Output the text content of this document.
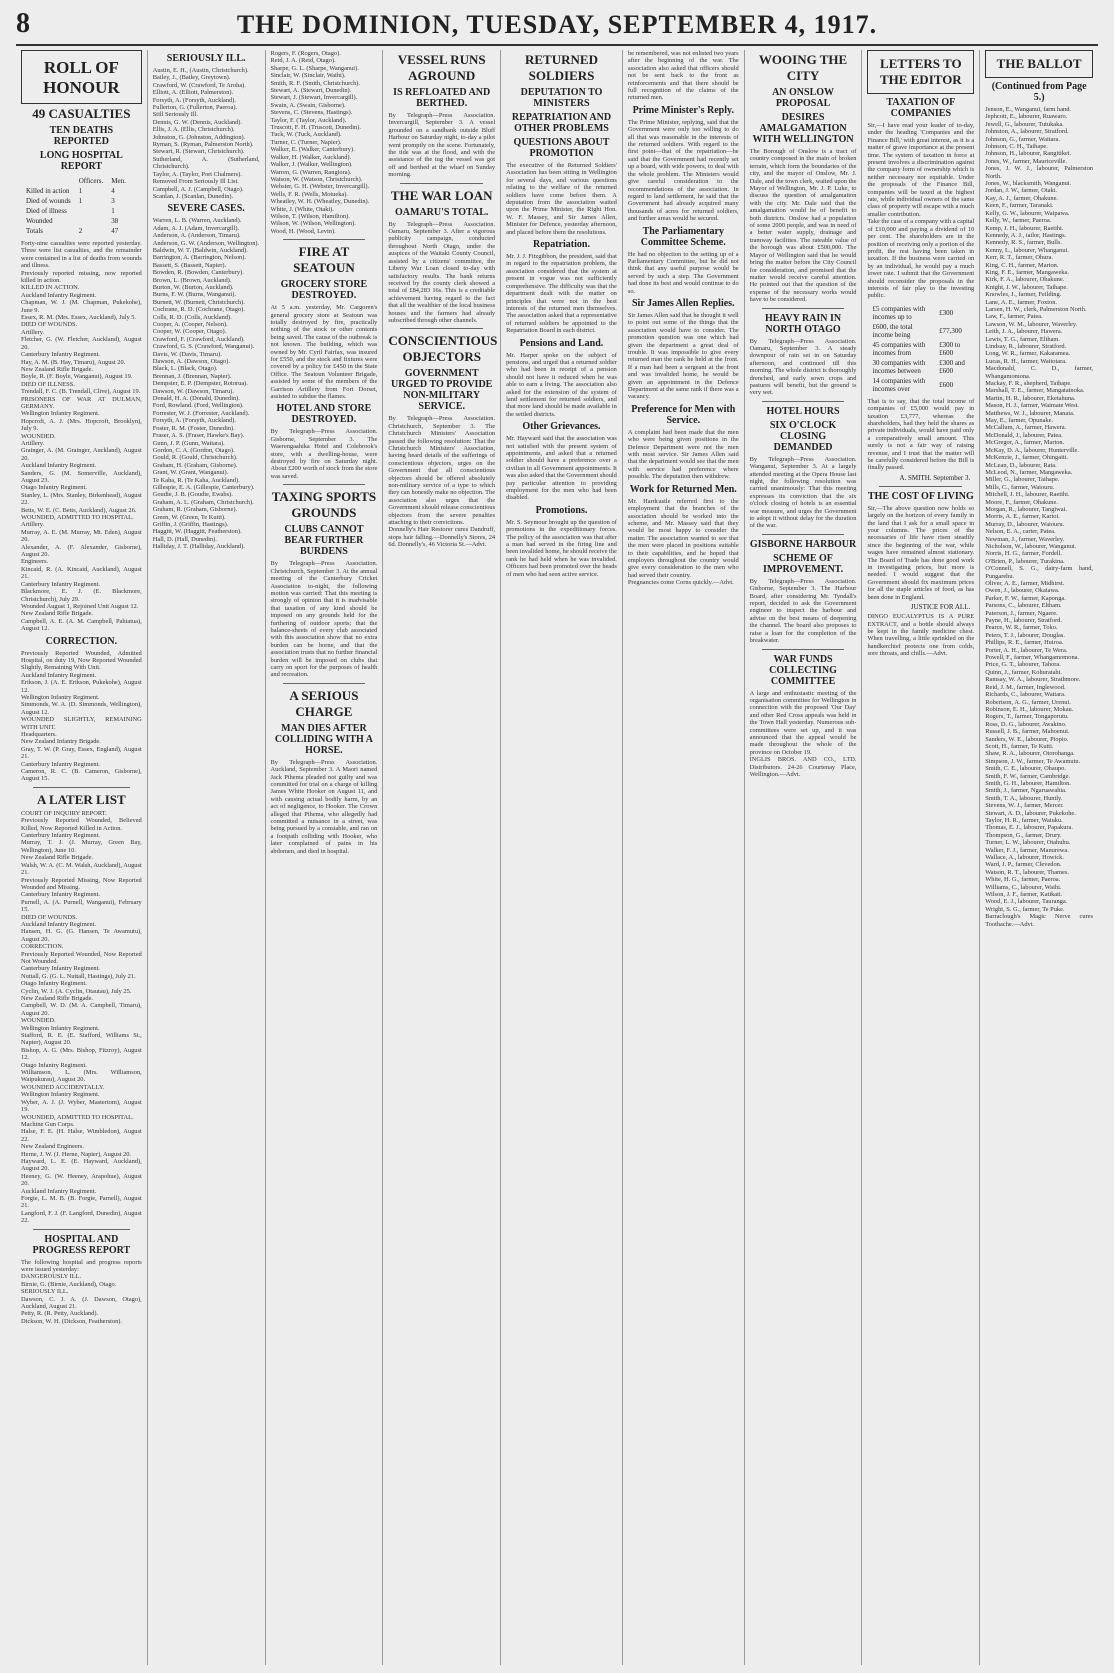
8	THE DOMINION, TUESDAY, SEPTEMBER 4, 1917.
ROLL OF HONOUR
49 CASUALTIES
TEN DEATHS REPORTED
LONG HOSPITAL REPORT
	Officers.	Men.
Killed in action	1	4
Died of wounds	1	3
Died of illness		1
Wounded		38
Totals	2	47
Forty-nine casualties were reported yesterday. Three were list casualties, and the remainder were contained in a list of deaths from wounds and illness.
Previously reported missing, now reported killed in action.
KILLED IN ACTION.
Auckland Infantry Regiment.
Chapman, W. J. (M. Chapman, Pukekohe), June 9.
Essex, R. M. (Mrs. Essex, Auckland), July 5.
DIED OF WOUNDS.
Artillery.
Fletcher, G. (W. Fletcher, Auckland), August 20.
Canterbury Infantry Regiment.
Hay, A. M. (B. Hay, Timaru), August 20.
New Zealand Rifle Brigade.
Boyle, R. (F. Boyle, Wanganui), August 19.
DIED OF ILLNESS.
Trendall, F. C. (B. Trendall, Clive), August 19.
PRISONERS OF WAR AT DULMAN, GERMANY.
Wellington Infantry Regiment.
Hopcroft, A. J. (Mrs. Hopcroft, Brooklyn), July 9.
WOUNDED.
Artillery.
Grainger, A. (M. Grainger, Auckland), August 20.
Auckland Infantry Regiment.
Sanders, G. (M. Somerville, Auckland), August 23.
Otago Infantry Regiment.
Stanley, L. (Mrs. Stanley, Birkenhead), August 22.
Betts, W. E. (C. Betts, Auckland), August 26.
WOUNDED, ADMITTED TO HOSPITAL.
Artillery.
Murray, A. E. (M. Murray, Mt. Eden), August 20.
Alexander, A. (F. Alexander, Gisborne), August 20.
Engineers.
Kincaid, R. (A. Kincaid, Auckland), August 21.
Canterbury Infantry Regiment.
Blackmore, E. J. (E. Blackmore, Christchurch), July 29.
Wounded August 1, Rejoined Unit August 12.
New Zealand Rifle Brigade.
Campbell, A. E. (A. M. Campbell, Pahiatua), August 12.
CORRECTION.
Previously Reported Wounded, Admitted Hospital, on duty 19, Now Reported Wounded Slightly, Remaining With Unit.
Auckland Infantry Regiment.
Erikson, J. (A. E. Erikson, Pukekohe), August 12.
Wellington Infantry Regiment.
Simmonds, W. A. (D. Simmonds, Wellington), August 12.
WOUNDED SLIGHTLY, REMAINING WITH UNIT.
Headquarters.
New Zealand Infantry Brigade.
Gray, T. W. (P. Gray, Essex, England), August 21.
Canterbury Infantry Regiment.
Cameron, R. C. (B. Cameron, Gisborne), August 15.
A LATER LIST
COURT OF INQUIRY REPORT.
Previously Reported Wounded, Believed Killed, Now Reported Killed in Action.
Canterbury Infantry Regiment.
Murray, T. J. (J. Murray, Green Bay, Wellington), June 10.
New Zealand Rifle Brigade.
Walsh, W. A. (C. M. Walsh, Auckland), August 21.
Previously Reported Missing, Now Reported Wounded and Missing.
Canterbury Infantry Regiment.
Purnell, A. (A. Purnell, Wanganui), February 15.
DIED OF WOUNDS.
Auckland Infantry Regiment.
Hansen, H. G. (G. Hansen, Te Awamutu), August 20.
CORRECTION.
Previously Reported Wounded, Now Reported Not Wounded.
Canterbury Infantry Regiment.
Nuttall, G. (G. L. Nuttall, Hastings), July 21.
Otago Infantry Regiment.
Cyclin, W. J. (A. Cyclin, Otautau), July 25.
New Zealand Rifle Brigade.
Campbell, W. D. (M. A. Campbell, Timaru), August 20.
WOUNDED.
Wellington Infantry Regiment.
Stafford, R. E. (E. Stafford, Williams St., Napier), August 20.
Bishop, A. G. (Mrs. Bishop, Fitzroy), August 12.
Otago Infantry Regiment.
Williamson, L. (Mrs. Williamson, Waipukurau), August 20.
WOUNDED ACCIDENTALLY.
Wellington Infantry Regiment.
Wyber, A. J. (J. Wyber, Mastertom), August 19.
WOUNDED, ADMITTED TO HOSPITAL.
Machine Gun Corps.
Halse, F. E. (H. Halse, Wimbledon), August 22.
New Zealand Engineers.
Herne, J. W. (J. Herne, Napier), August 20.
Hayward, L. E. (E. Hayward, Auckland), August 20.
Heeney, G. (W. Heeney, Arapohue), August 20.
Auckland Infantry Regiment.
Forgie, L. M. B. (B. Forgie, Parnell), August 21.
Langford, F. J. (F. Langford, Dunedin), August 22.
HOSPITAL AND PROGRESS REPORT
The following hospital and progress reports were issued yesterday:
DANGEROUSLY ILL.
Birnie, G. (Birnie, Auckland), Otago.
SERIOUSLY ILL.
Dawson, C. J. A. (J. Dawson, Otago), Auckland, August 21.
Petty, R. (R. Petty, Auckland).
Dickson, W. H. (Dickson, Featherston).
SERIOUSLY ILL.
Austin, E. H., (Austin, Christchurch).
Bailey, J., (Bailey, Greytown).
Crawford, W. (Crawford, Te Aroha).
Elliott, A. (Elliott, Palmerston).
Forsyth, A. (Forsyth, Auckland).
Fullerton, G. (Fullerton, Paeroa).
Still Seriously Ill.
Dennis, G. W. (Dennis, Auckland).
Ellis, J. A. (Ellis, Christchurch).
Johnston, G. (Johnston, Addington).
Ryman, S. (Ryman, Palmerston North).
Stewart, R. (Stewart, Christchurch).
Sutherland, A. (Sutherland, Christchurch).
Taylor, A. (Taylor, Port Chalmers).
Removed From Seriously Ill List.
Campbell, A. J. (Campbell, Otago).
Scanlan, J. (Scanlan, Dunedin).
SEVERE CASES.
Warren, L. B. (Warren, Auckland).
Adam, A. J. (Adam, Invercargill).
Anderson, A. (Anderson, Timaru).
Anderson, G. W. (Anderson, Wellington).
Baldwin, W. T. (Baldwin, Auckland).
Barrington, A. (Barrington, Nelson).
Bassett, S. (Bassett, Napier).
Bowden, R. (Bowden, Canterbury).
Brown, L. (Brown, Auckland).
Burton, W. (Burton, Auckland).
Burns, F. W. (Burns, Wanganui).
Burnett, W. (Burnett, Christchurch).
Cochrane, R. D. (Cochrane, Otago).
Colls, R. D. (Colls, Auckland).
Cooper, A. (Cooper, Nelson).
Cooper, W. (Cooper, Otago).
Crawford, F. (Crawford, Auckland).
Crawford, G. S. (Crawford, Wanganui).
Davis, W. (Davis, Timaru).
Dawson, A. (Dawson, Otago).
Black, L. (Black, Otago).
Brennan, J. (Brennan, Napier).
Dempster, E. P. (Dempster, Rotorua).
Dawson, W. (Dawson, Timaru).
Donald, H. A. (Donald, Dunedin).
Ford, Rowland. (Ford, Wellington).
Forrester, W. J. (Forrester, Auckland).
Forsyth, A. (Forsyth, Auckland).
Foster, R. M. (Foster, Dunedin).
Fraser, A. S. (Fraser, Hawke's Bay).
Gunn, J. P. (Gunn, Waitara).
Gordon, C. A. (Gordon, Otago).
Gould, R. (Gould, Christchurch).
Graham, H. (Graham, Gisborne).
Grant, W. (Grant, Wanganui).
Te Kaha, R. (Te Kaha, Auckland).
Gillespie, E. A. (Gillespie, Canterbury).
Goudie, J. B. (Goudie, Ewabs).
Graham, A. L. (Graham, Christchurch).
Graham, R. (Graham, Gisborne).
Green, W. (Green, Te Kuiti).
Griffin, J. (Griffin, Hastings).
Haggitt, W. (Haggitt, Featherston).
Hall, D. (Hall, Dunedin).
Halliday, J. T. (Halliday, Auckland).
Rogers, F. (Rogers, Otago).
Reid, J. A. (Reid, Otago).
Sharpe, G. L. (Sharpe, Wanganui).
Sinclair, W. (Sinclair, Waihi).
Smith, R. F. (Smith, Christchurch).
Stewart, A. (Stewart, Dunedin).
Stewart, J. (Stewart, Invercargill).
Swain, A. (Swain, Gisborne).
Stevens, C. (Stevens, Hastings).
Taylor, F. (Taylor, Auckland).
Truscott, F. H. (Truscott, Dunedin).
Tuck, W. (Tuck, Auckland).
Turner, C. (Turner, Napier).
Walker, E. (Walker, Canterbury).
Walker, H. (Walker, Auckland).
Walker, J. (Walker, Wellington).
Warren, G. (Warren, Rangiora).
Watson, W. (Watson, Christchurch).
Webster, G. H. (Webster, Invercargill).
Wells, F. R. (Wells, Motueka).
Wheatley, W. H. (Wheatley, Dunedin).
White, J. (White, Otaki).
Wilson, T. (Wilson, Hamilton).
Wilson, W. (Wilson, Wellington).
Wood, H. (Wood, Levin).
FIRE AT SEATOUN
GROCERY STORE DESTROYED.
At 5 a.m. yesterday, Mr. Cargoren's general grocery store at Seatoun was totally destroyed by fire, practically nothing of the stock or other contents being saved. The cause of the outbreak is not known. The building, which was owned by Mr. Cyril Fairfax, was insured for £550, and the stock and fixtures were covered by a policy for £450 in the State Office. The Seatoun Volunteer Brigade, assisted by some of the members of the Garrison Artillery from Fort Dorset, assisted to subdue the flames.
HOTEL AND STORE DESTROYED.
By Telegraph—Press Association. Gisborne, September 3. The Waerengaahika Hotel and Colebrook's store, with a dwelling-house, were destroyed by fire on Saturday night. About £200 worth of stock from the store was saved.
TAXING SPORTS GROUNDS
CLUBS CANNOT BEAR FURTHER BURDENS
By Telegraph—Press Association. Christchurch, September 3. At the annual meeting of the Canterbury Cricket Association to-night, the following motion was carried: That this meeting is strongly of opinion that it is inadvisable that taxation of any kind should be imposed on any grounds held for the furthering of outdoor sports; that the balance-sheets of every club associated with this association show that no extra burden can be borne, and that the association trusts that no further financial burden will be imposed on clubs that carry on sport for the purposes of health and recreation.
A SERIOUS CHARGE
MAN DIES AFTER COLLIDING WITH A HORSE.
By Telegraph—Press Association. Auckland, September 3. A Maori named Jack Pihema pleaded not guilty and was committed for trial on a charge of killing James White Hooker on August 11, and with causing actual bodily harm, by an act of negligence, to Hooker. The Crown alleged that Pihema, who allegedly had committed a nuisance in a street, was being pursued by a constable, and ran on a footpath colliding with Hooker, who later complained of pains in his abdomen, and died in hospital.
VESSEL RUNS AGROUND
IS REFLOATED AND BERTHED.
By Telegraph—Press Association. Invercargill, September 3. A vessel grounded on a sandbank outside Bluff Harbour on Saturday night, to-day a pilot went promptly on the scene. Fortunately, the tide was at the flood, and with the assistance of the tug the vessel was got off and berthed at the wharf on Sunday morning.
THE WAR LOAN
OAMARU'S TOTAL.
By Telegraph—Press Association. Oamaru, September 3. After a vigorous publicity campaign, conducted throughout North Otago, under the auspices of the Waitaki County Council, assisted by a citizens' committee, the Liberty War Loan closed to-day with satisfactory results. The bank returns received by the county clerk showed a total of £84,283 16s. This is a creditable achievement having regard to the fact that all the wealthier of the local business houses and the farmers had already subscribed through other channels.
CONSCIENTIOUS OBJECTORS
GOVERNMENT URGED TO PROVIDE NON-MILITARY SERVICE.
By Telegraph—Press Association. Christchurch, September 3. The Christchurch Ministers' Association passed the following resolution: That the Christchurch Ministers' Association, having heard details of the sufferings of conscientious objectors, urges on the Government that all conscientious objectors should be offered absolutely non-military service of a type to which they can honestly make no objection. The association also urges that the Government should release conscientious objectors from the severe penalties attaching to their convictions.
Donnelly's Hair Restorer cures Dandruff, stops hair falling.—Donnelly's Stores, 24 6d. Donnelly's, 46 Victoria St.—Advt.
RETURNED SOLDIERS
DEPUTATION TO MINISTERS
REPATRIATION AND OTHER PROBLEMS
QUESTIONS ABOUT PROMOTION
The executive of the Returned Soldiers' Association has been sitting in Wellington for several days, and various questions relating to the welfare of the returned soldiers have come before them. A deputation from the association waited upon the Prime Minister, the Right Hon. W. F. Massey, and Sir James Allen, Minister for Defence, yesterday afternoon, and placed before them the resolutions.
Repatriation.
Mr. J. J. Fitzgibbon, the president, said that in regard to the repatriation problem, the association considered that the system at present in vogue was not sufficiently comprehensive. The difficulty was that the department dealt with the matter on principles that were not in the best interests of the returned men themselves. The association asked that a representative of returned soldiers be appointed to the Repatriation Board in each district.
Pensions and Land.
Mr. Harper spoke on the subject of pensions, and urged that a returned soldier who had been in receipt of a pension should not have it reduced when he was able to earn a living. The association also asked for the extension of the system of land settlement for returned soldiers, and that more land should be made available in the settled districts.
Other Grievances.
Mr. Hayward said that the association was not satisfied with the present system of appointments, and asked that a returned soldier should have a preference over a civilian in all Government appointments. It was also asked that the Government should pay particular attention to providing employment for the men who had been disabled.
Promotions.
Mr. S. Seymour brought up the question of promotions in the expeditionary forces. The policy of the association was that after a man had served in the firing line and been invalided home, he should receive the rank he had held when he was invalided. Officers had been promoted over the heads of men who had seen active service.
be remembered, was not enlisted two years after the beginning of the war. The association also asked that officers should not be sent back to the front as reinforcements and that there should be full recognition of the claims of the returned men.
Prime Minister's Reply.
The Prime Minister, replying, said that the Government were only too willing to do all that was reasonable in the interests of the returned soldiers. With regard to the first point—that of the repatriation—he said that the Government had recently set up a board, with wide powers, to deal with the whole problem. The Ministers would give careful consideration to the recommendations of the association. In regard to land settlement, he said that the Government had already acquired many thousands of acres for returned soldiers, and further areas would be secured.
The Parliamentary Committee Scheme.
He had no objection to the setting up of a Parliamentary Committee, but he did not think that any useful purpose would be served by such a step. The Government had done its best and would continue to do so.
Sir James Allen Replies.
Sir James Allen said that he thought it well to point out some of the things that the association would have to consider. The promotion question was one which had given the department a great deal of trouble. It was impossible to give every returned man the rank he held at the front. If a man had been a sergeant at the front and was invalided home, he would be given an appointment in the Defence Department at the same rank if there was a vacancy.
Preference for Men with Service.
A complaint had been made that the men who were being given positions in the Defence Department were not the men with most service. Sir James Allen said that the department would see that the men with service had preference where possible. The deputation then withdrew.
Work for Returned Men.
Mr. Hardcastle referred first to the employment that the branches of the association should be worked into the scheme, and Mr. Massey said that they would be most happy to consider the matter. The association wanted to see that the men were placed in positions suitable to their capabilities, and he hoped that employers throughout the country would give every consideration to the men who had served their country.
Pregnancies come Corns quickly.—Advt.
WOOING THE CITY
AN ONSLOW PROPOSAL
DESIRES AMALGAMATION WITH WELLINGTON
The Borough of Onslow is a tract of country composed in the main of broken terrain, which form the boundaries of the city, and the mayor of Onslow, Mr. J. Dale, and the town clerk, waited upon the Mayor of Wellington, Mr. J. P. Luke, to discuss the question of amalgamation with the city. Mr. Dale said that the amalgamation would be of benefit to both districts. Onslow had a population of some 2000 people, and was in need of a better water supply, drainage and tramway facilities. The rateable value of the borough was about £500,000. The Mayor of Wellington said that he would bring the matter before the City Council for consideration, and promised that the matter would receive careful attention. He pointed out that the question of the expense of the necessary works would have to be considered.
HEAVY RAIN IN NORTH OTAGO
By Telegraph—Press Association. Oamaru, September 3. A steady downpour of rain set in on Saturday afternoon, and continued till this morning. The whole district is thoroughly drenched, and early sown crops and pastures will benefit, but the ground is very wet.
HOTEL HOURS
SIX O'CLOCK CLOSING DEMANDED
By Telegraph—Press Association. Wanganui, September 3. At a largely attended meeting at the Opera House last night, the following resolution was carried unanimously: That this meeting expresses its conviction that the six o'clock closing of hotels is an essential war measure, and urges the Government to adopt it without delay for the duration of the war.
GISBORNE HARBOUR
SCHEME OF IMPROVEMENT.
By Telegraph—Press Association. Gisborne, September 3. The Harbour Board, after considering Mr. Tyndall's report, decided to ask the Government engineer to inspect the harbour and advise on the best means of deepening the channel. The board also proposes to raise a loan for the completion of the breakwater.
WAR FUNDS COLLECTING COMMITTEE
A large and enthusiastic meeting of the organisation committee for Wellington in connection with the proposed 'Our Day' and other Red Cross appeals was held in the Town Hall yesterday. Numerous sub-committees were set up, and it was announced that the appeal would be made throughout the whole of the province on October 19.
INGLIS BROS. AND CO., LTD. Distributors. 24-26 Courtenay Place, Wellington.—Advt.
LETTERS TO THE EDITOR
TAXATION OF COMPANIES
Sir,—I have read your leader of to-day, under the heading 'Companies and the Finance Bill,' with great interest, as it is a matter of grave importance at the present time. The system of taxation in force at present involves a discrimination against the company form of ownership which is neither necessary nor equitable. Under the proposals of the Finance Bill, companies will be taxed at the highest rate, while individual owners of the same class of property will escape with a much smaller contribution.
Take the case of a company with a capital of £10,000 and paying a dividend of 10 per cent. The shareholders are in the position of receiving only a portion of the profit, the rest having been taken in taxation. If the business were carried on by an individual, he would pay a much lower rate. I submit that the Government should reconsider the proposals in the interests of fair play to the investing public.
£5 companies with incomes up to	£300
£600, the total income being	£77,300
45 companies with incomes from	£300 to £600
30 companies with incomes between	£300 and £600
14 companies with incomes over	£600
That is to say, that the total income of companies of £5,000 would pay in taxation £3,777, whereas the shareholders, had they held the shares as private individuals, would have paid only a comparatively small amount. This surely is not a fair way of raising revenue, and I trust that the matter will be carefully considered before the Bill is finally passed.
A. SMITH. September 3.
THE COST OF LIVING
Sir,—The above question now holds so largely on the horizon of every family in the land that I ask for a small space in your columns. The prices of the necessaries of life have risen steadily since the beginning of the war, while wages have remained almost stationary. The Board of Trade has done good work in investigating prices, but more is needed. I would suggest that the Government should fix maximum prices for all the staple articles of food, as has been done in England.
JUSTICE FOR ALL.
DINGO EUCALYPTUS IS A PURE EXTRACT, and a bottle should always be kept in the family medicine chest. When travelling, a little sprinkled on the handkerchief protects one from colds, sore throats, and chills.—Advt.
THE BALLOT
(Continued from Page 5.)
Jenson, E., Wanganui, farm hand.
Jephcott, E., labourer, Ruawaro.
Jewell, G., labourer, Tutukaka.
Johnston, A., labourer, Stratford.
Johnson, G., farmer, Waitara.
Johnson, C. H., Taihape.
Johnson, H., labourer, Rangitikei.
Jones, W., farmer, Mauriceville.
Jones, J. W. J., labourer, Palmerston North.
Jones, W., blacksmith, Wanganui.
Jordan, J. W., farmer, Otaki.
Kay, A. J., farmer, Ohakune.
Keen, F., farmer, Taranaki.
Kelly, G. W., labourer, Waipawa.
Kelly, W., farmer, Paeroa.
Kemp, J. H., labourer, Raetihi.
Kennedy, A. J., tailor, Hastings.
Kennedy, R. S., farmer, Bulls.
Kenny, L., labourer, Whanganui.
Kerr, R. T., farmer, Ohura.
King, C. H., farmer, Marton.
King, F. E., farmer, Mangaweka.
Kirk, F. A., labourer, Ohakune.
Knight, J. W., labourer, Taihape.
Knowles, J., farmer, Feilding.
Lane, A. E., farmer, Foxton.
Larsen, H. W., clerk, Palmerston North.
Law, F., farmer, Patea.
Lawson, W. M., labourer, Waverley.
Leith, J. A., labourer, Hawera.
Lewis, T. G., farmer, Eltham.
Lindsay, R., labourer, Stratford.
Long, W. R., farmer, Kakaramea.
Lucas, R. H., farmer, Waitotara.
Macdonald, C. D., farmer, Whangamomona.
Mackay, F. R., shepherd, Taihape.
Marshall, T. E., farmer, Mangatainoka.
Martin, H. R., labourer, Eketahuna.
Mason, H. J., farmer, Waimate West.
Matthews, W. J., labourer, Manaia.
May, E., farmer, Opunake.
McCallum, A., farmer, Hawera.
McDonald, J., labourer, Patea.
McGregor, A., farmer, Marton.
McKay, D. A., labourer, Hunterville.
McKenzie, J., farmer, Ohingaiti.
McLean, D., labourer, Rata.
McLeod, N., farmer, Mangaweka.
Miller, G., labourer, Taihape.
Mills, C., farmer, Waiouru.
Mitchell, J. H., labourer, Raetihi.
Moore, F., farmer, Ohakune.
Morgan, R., labourer, Tangiwai.
Morris, A. E., farmer, Karioi.
Murray, D., labourer, Waiouru.
Nelson, E. A., carter, Patea.
Newman, J., farmer, Waverley.
Nicholson, W., labourer, Wanganui.
Norris, H. G., farmer, Fordell.
O'Brien, P., labourer, Turakina.
O'Connell, S. G., dairy-farm hand, Pungarehu.
Oliver, A. E., farmer, Midhirst.
Owen, J., labourer, Okaiawa.
Parker, F. W., farmer, Kaponga.
Parsons, C., labourer, Eltham.
Paterson, J., farmer, Ngaere.
Payne, H., labourer, Stratford.
Pearce, W. R., farmer, Toko.
Peters, T. J., labourer, Douglas.
Phillips, R. E., farmer, Huiroa.
Porter, A. H., labourer, Te Wera.
Powell, F., farmer, Whangamomona.
Price, G. T., labourer, Tahora.
Quinn, J., farmer, Kohuratahi.
Ramsay, W. A., labourer, Strathmore.
Reid, J. M., farmer, Inglewood.
Richards, C., labourer, Waitara.
Robertson, A. G., farmer, Urenui.
Robinson, E. H., labourer, Mokau.
Rogers, T., farmer, Tongaporutu.
Ross, D. G., labourer, Awakino.
Russell, J. B., farmer, Mahoenui.
Sanders, W. E., labourer, Piopio.
Scott, H., farmer, Te Kuiti.
Shaw, R. A., labourer, Otorohanga.
Simpson, J. W., farmer, Te Awamutu.
Smith, C. E., labourer, Ohaupo.
Smith, F. W., farmer, Cambridge.
Smith, G. H., labourer, Hamilton.
Smith, J., farmer, Ngaruawahia.
Smith, T. A., labourer, Huntly.
Stevens, W. J., farmer, Mercer.
Stewart, A. D., labourer, Pukekohe.
Taylor, H. R., farmer, Waiuku.
Thomas, E. J., labourer, Papakura.
Thompson, G., farmer, Drury.
Turner, L. W., labourer, Otahuhu.
Walker, F. J., farmer, Manurewa.
Wallace, A., labourer, Howick.
Ward, J. P., farmer, Clevedon.
Watson, R. T., labourer, Thames.
White, H. G., farmer, Paeroa.
Williams, C., labourer, Waihi.
Wilson, J. F., farmer, Katikati.
Wood, E. J., labourer, Tauranga.
Wright, S. G., farmer, Te Puke.
Barraclough's Magic Nerve cures Toothache.—Advt.
